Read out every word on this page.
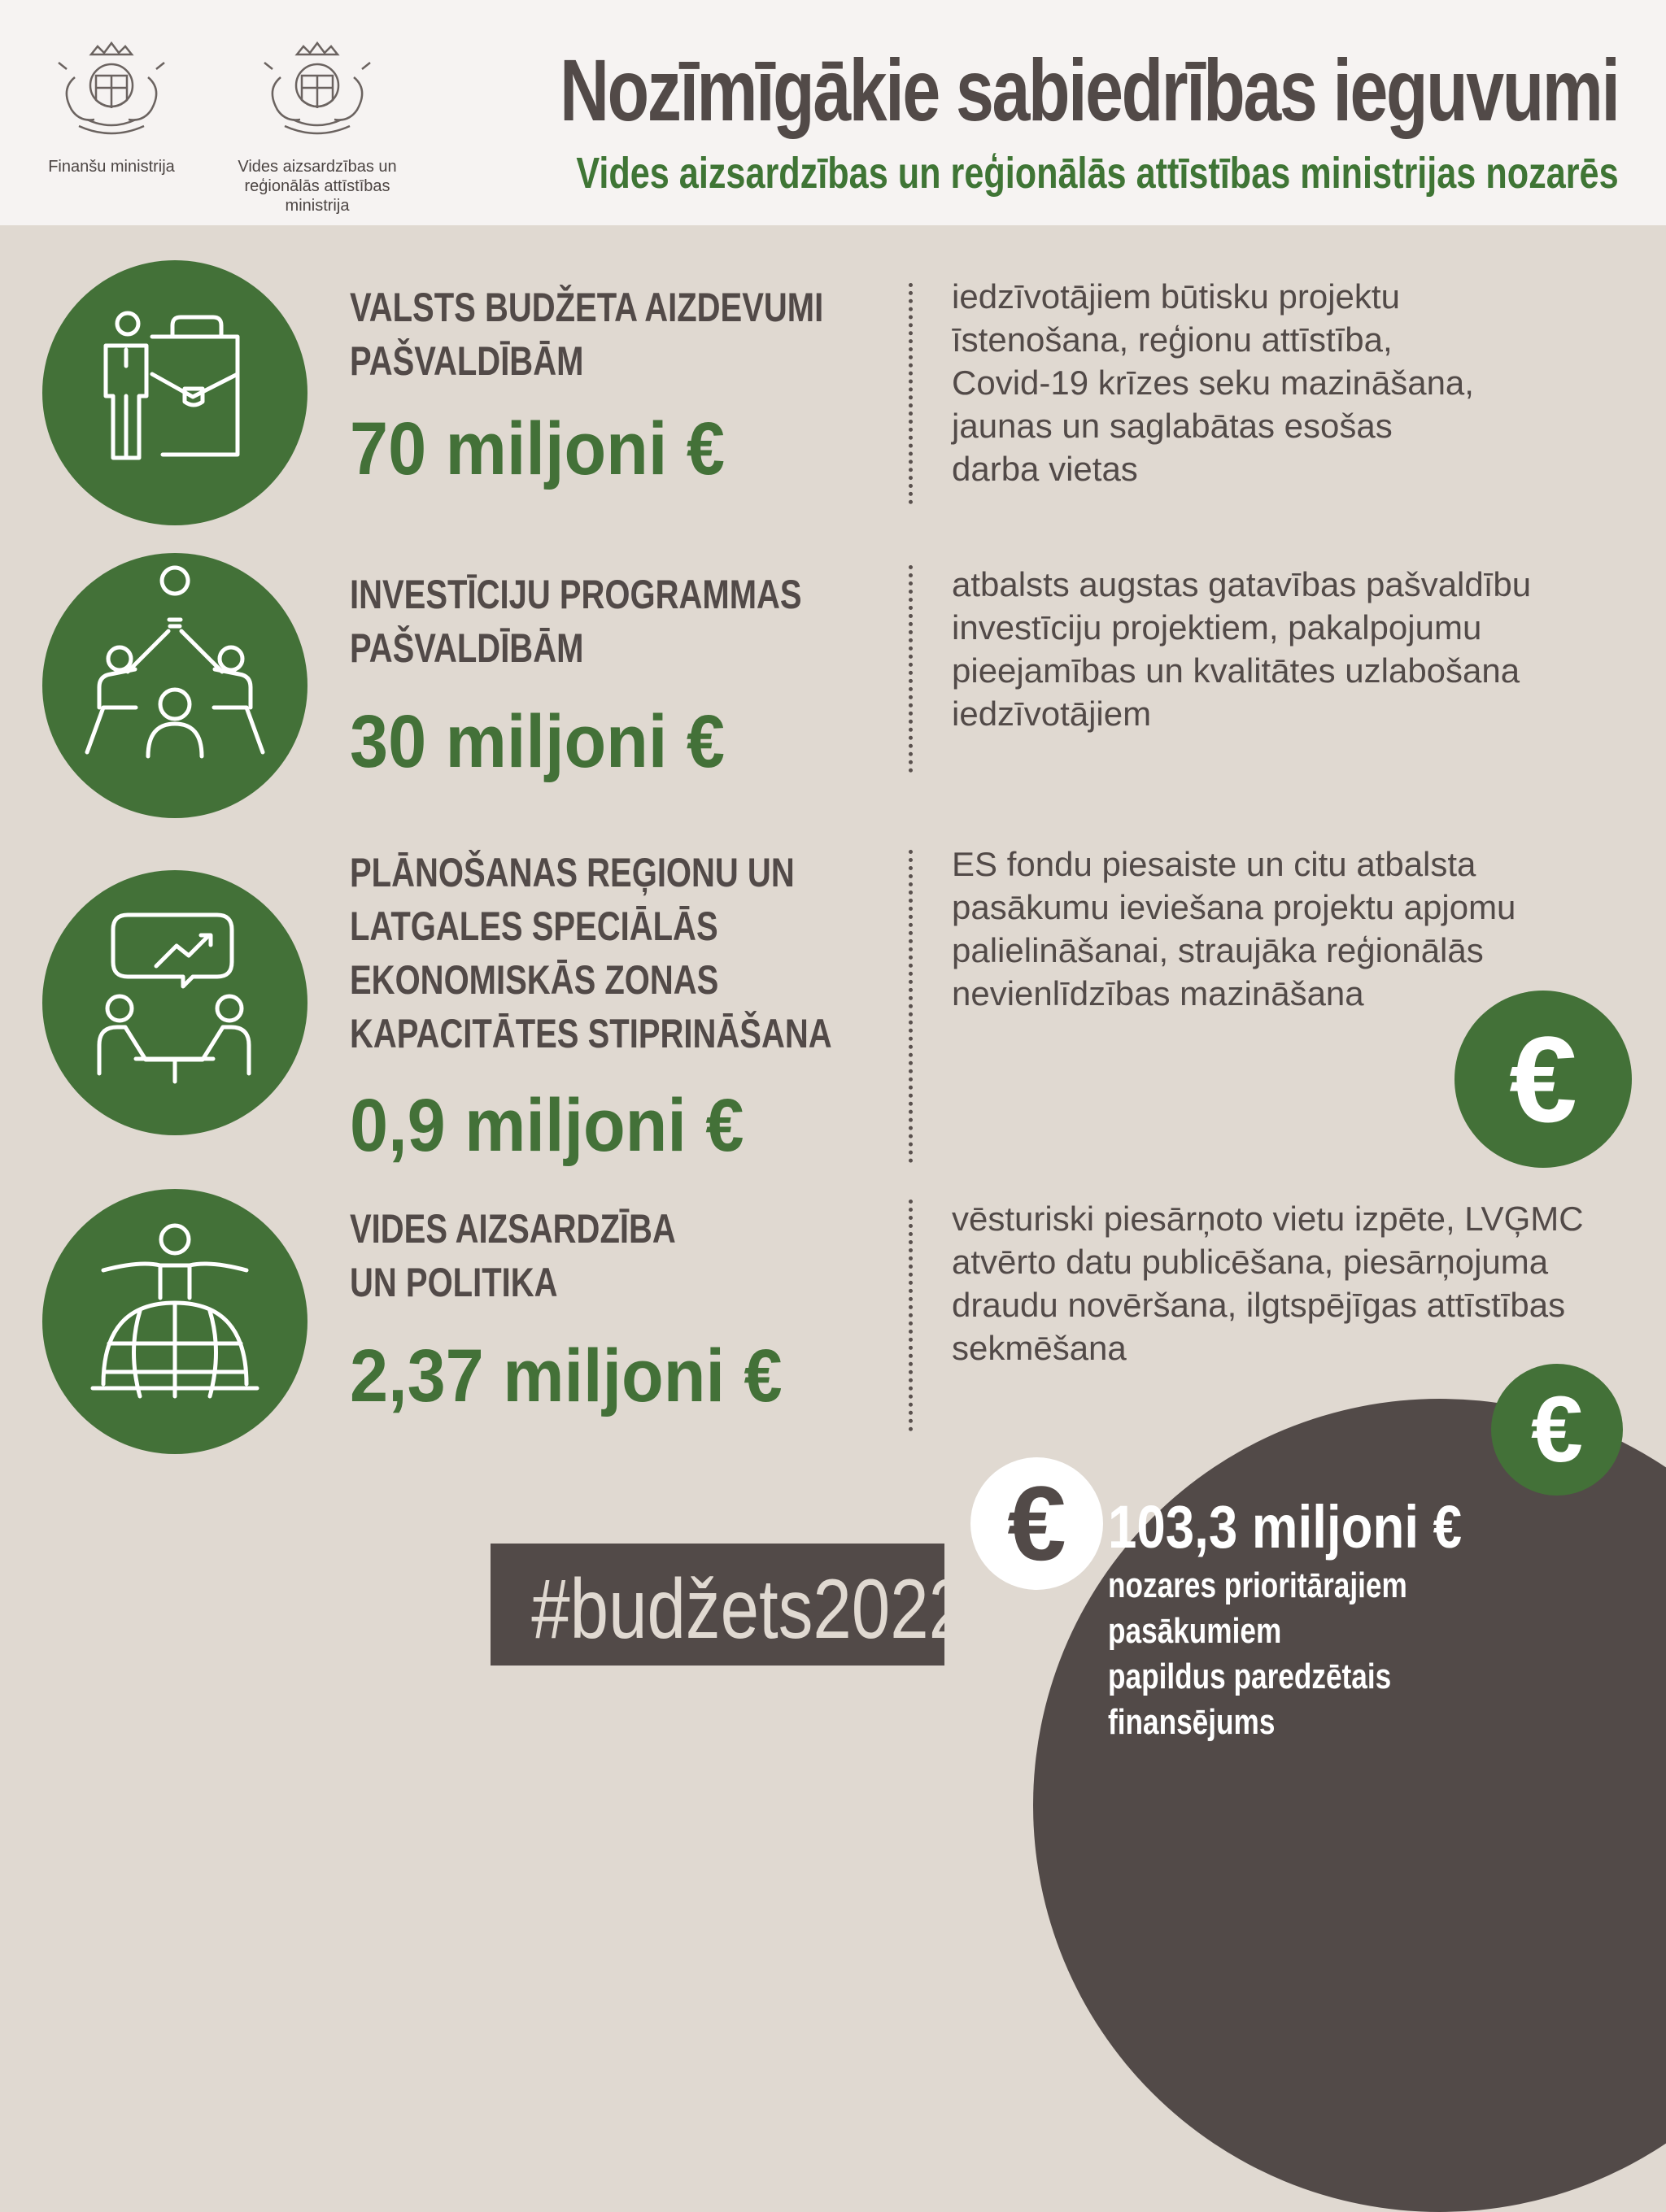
Finanšu ministrija	Vides aizsardzības un
reģionālās attīstības
ministrija
Nozīmīgākie sabiedrības ieguvumi
Vides aizsardzības un reģionālās attīstības ministrijas nozarēs
VALSTS BUDŽETA AIZDEVUMI
PAŠVALDĪBĀM
70 miljoni €
iedzīvotājiem būtisku projektu
īstenošana, reģionu attīstība,
Covid-19 krīzes seku mazināšana,
jaunas un saglabātas esošas
darba vietas
INVESTĪCIJU PROGRAMMAS
PAŠVALDĪBĀM
30 miljoni €
atbalsts augstas gatavības pašvaldību
investīciju projektiem, pakalpojumu
pieejamības un kvalitātes uzlabošana
iedzīvotājiem
PLĀNOŠANAS REĢIONU UN
LATGALES SPECIĀLĀS
EKONOMISKĀS ZONAS
KAPACITĀTES STIPRINĀŠANA
0,9 miljoni €
ES fondu piesaiste un citu atbalsta
pasākumu ieviešana projektu apjomu
palielināšanai, straujāka reģionālās
nevienlīdzības mazināšana
€
VIDES AIZSARDZĪBA
UN POLITIKA
2,37 miljoni €
vēsturiski piesārņoto vietu izpēte, LVĢMC
atvērto datu publicēšana, piesārņojuma
draudu novēršana, ilgtspējīgas attīstības
sekmēšana
€
€ 103,3 miljoni €
nozares prioritārajiem pasākumiem
papildus paredzētais finansējums
#budžets2022
